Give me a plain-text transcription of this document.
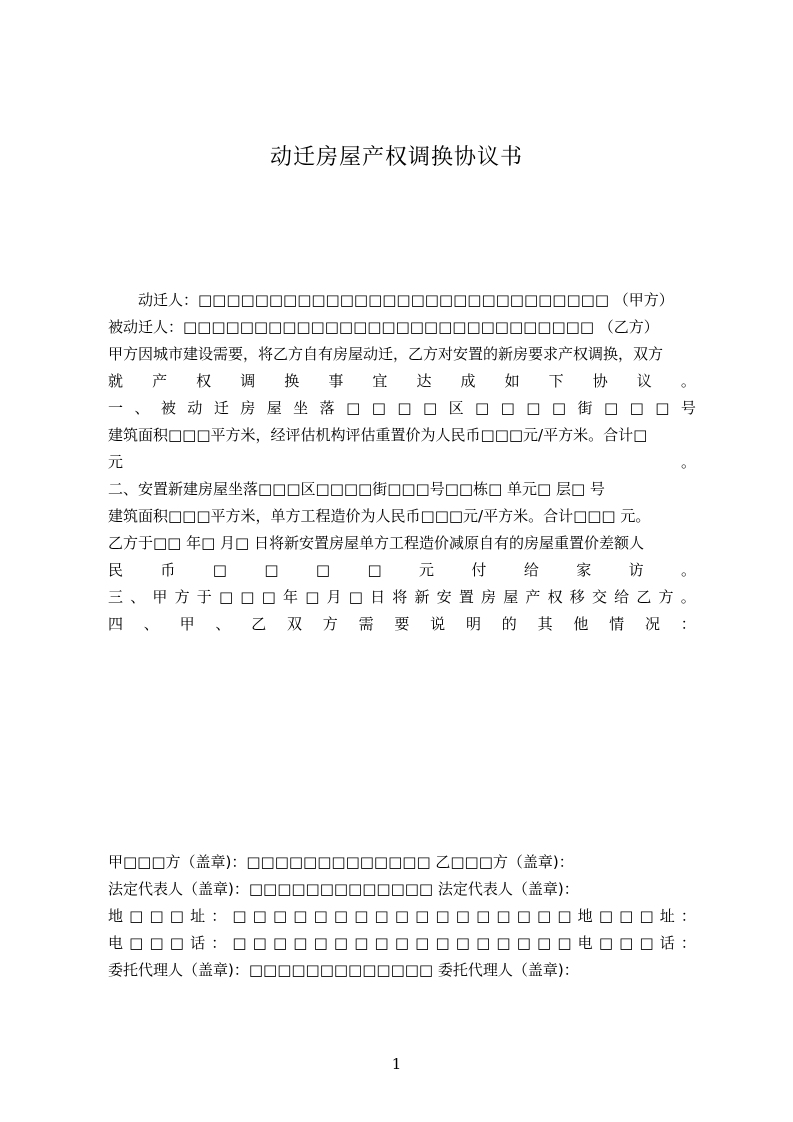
动迁房屋产权调换协议书
动迁人：□□□□□□□□□□□□□□□□□□□□□□□□□□□□□ （甲方）
被动迁人：□□□□□□□□□□□□□□□□□□□□□□□□□□□□□ （乙方）
甲方因城市建设需要，将乙方自有房屋动迁，乙方对安置的新房要求产权调换，双方
就 产 权 调 换 事 宜 达 成 如 下 协 议 。
一 、 被 动 迁 房 屋 坐 落 □ □ □ □ 区 □ □ □ □ 街 □ □ □ 号
建筑面积□□□平方米，经评估机构评估重置价为人民币□□□元/平方米。合计□
元	。
二、安置新建房屋坐落□□□区□□□□街□□□号□□栋□ 单元□ 层□ 号
建筑面积□□□平方米，单方工程造价为人民币□□□元/平方米。合计□□□ 元。
乙方于□□ 年□ 月□ 日将新安置房屋单方工程造价减原自有的房屋重置价差额人
民 币 □ □ □ □ 元 付 给 家 访 。
三 、 甲 方 于 □ □ □ 年 □ 月 □ 日 将 新 安 置 房 屋 产 权 移 交 给 乙 方 。
四 、 甲 、 乙 双 方 需 要 说 明 的 其 他 情 况 ：
甲□□□方（盖章)：□□□□□□□□□□□□□ 乙□□□方（盖章)：
法定代表人（盖章)：□□□□□□□□□□□□□ 法定代表人（盖章)：
地 □ □ □ 址 ： □ □ □ □ □ □ □ □ □ □ □ □ □ □ □ □ □ 地 □ □ □ 址 ：
电 □ □ □ 话 ： □ □ □ □ □ □ □ □ □ □ □ □ □ □ □ □ □ 电 □ □ □ 话 ：
委托代理人（盖章)：□□□□□□□□□□□□□ 委托代理人（盖章)：
1
